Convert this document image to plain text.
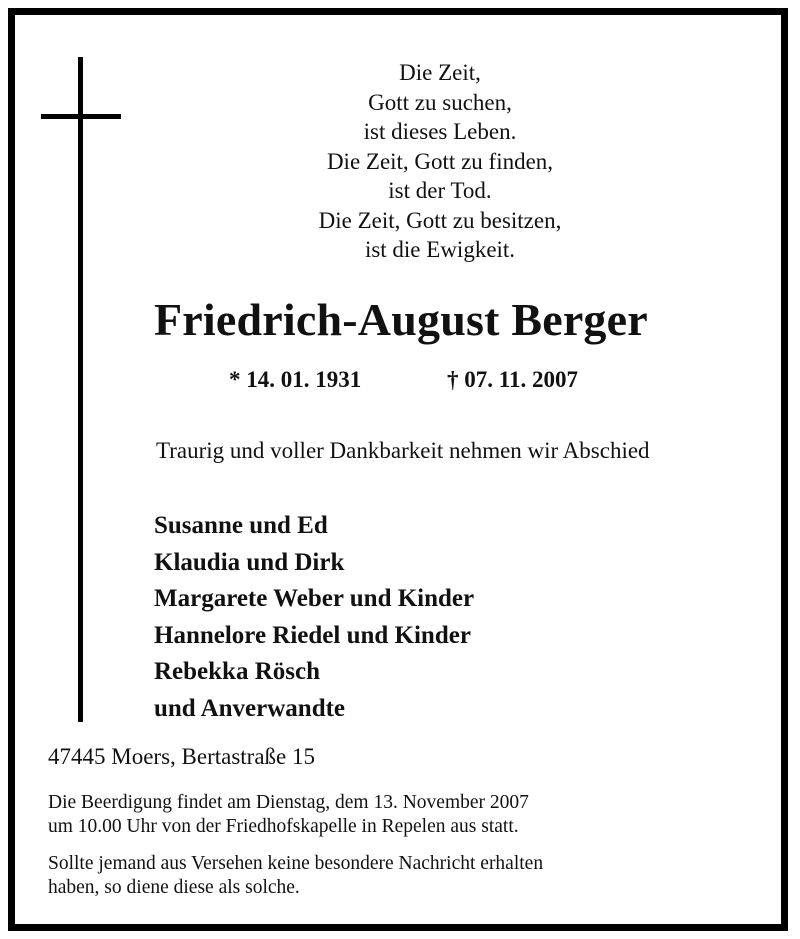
Die Zeit,
Gott zu suchen,
ist dieses Leben.
Die Zeit, Gott zu finden,
ist der Tod.
Die Zeit, Gott zu besitzen,
ist die Ewigkeit.
Friedrich-August Berger
* 14. 01. 1931	† 07. 11. 2007
Traurig und voller Dankbarkeit nehmen wir Abschied
Susanne und Ed
Klaudia und Dirk
Margarete Weber und Kinder
Hannelore Riedel und Kinder
Rebekka Rösch
und Anverwandte
47445 Moers, Bertastraße 15
Die Beerdigung findet am Dienstag, dem 13. November 2007
um 10.00 Uhr von der Friedhofskapelle in Repelen aus statt.
Sollte jemand aus Versehen keine besondere Nachricht erhalten
haben, so diene diese als solche.
